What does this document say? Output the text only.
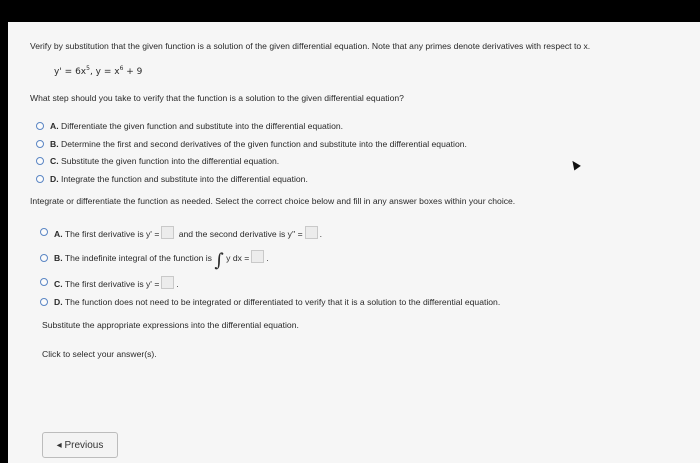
Verify by substitution that the given function is a solution of the given differential equation. Note that any primes denote derivatives with respect to x.
$y' = 6x^5$, $y = x^6 + 9$
What step should you take to verify that the function is a solution to the given differential equation?
A. Differentiate the given function and substitute into the differential equation.
B. Determine the first and second derivatives of the given function and substitute into the differential equation.
C. Substitute the given function into the differential equation.
D. Integrate the function and substitute into the differential equation.
Integrate or differentiate the function as needed. Select the correct choice below and fill in any answer boxes within your choice.
A. The first derivative is y' = and the second derivative is y'' = .
B. The indefinite integral of the function is ∫ y dx = .
C. The first derivative is y' = .
D. The function does not need to be integrated or differentiated to verify that it is a solution to the differential equation.
Substitute the appropriate expressions into the differential equation.
Click to select your answer(s).
◂ Previous
